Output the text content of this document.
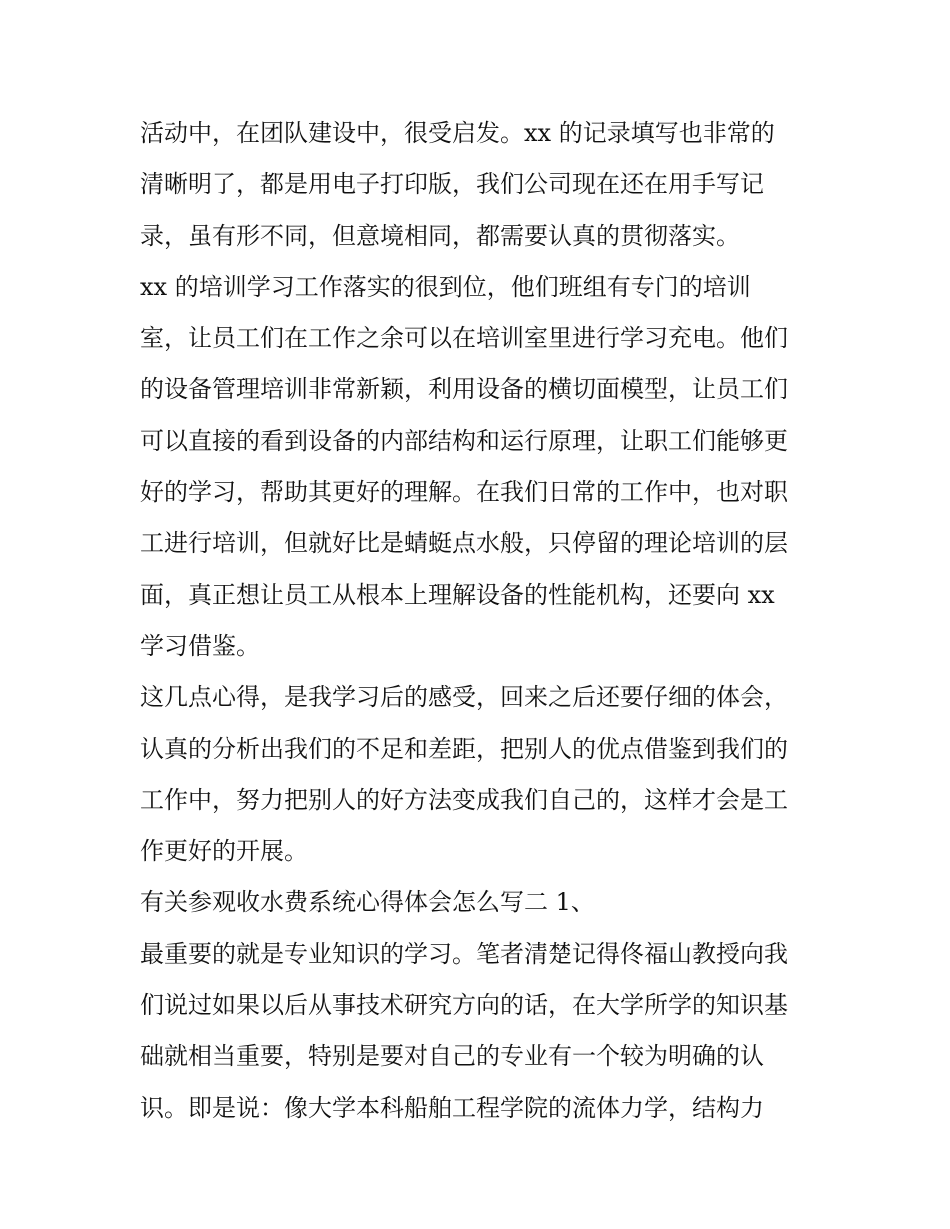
活动中，在团队建设中，很受启发。xx 的记录填写也非常的
清晰明了，都是用电子打印版，我们公司现在还在用手写记
录，虽有形不同，但意境相同，都需要认真的贯彻落实。
xx 的培训学习工作落实的很到位，他们班组有专门的培训
室，让员工们在工作之余可以在培训室里进行学习充电。他们
的设备管理培训非常新颖，利用设备的横切面模型，让员工们
可以直接的看到设备的内部结构和运行原理，让职工们能够更
好的学习，帮助其更好的理解。在我们日常的工作中，也对职
工进行培训，但就好比是蜻蜓点水般，只停留的理论培训的层
面，真正想让员工从根本上理解设备的性能机构，还要向 xx
学习借鉴。
这几点心得，是我学习后的感受，回来之后还要仔细的体会，
认真的分析出我们的不足和差距，把别人的优点借鉴到我们的
工作中，努力把别人的好方法变成我们自己的，这样才会是工
作更好的开展。
有关参观收水费系统心得体会怎么写二 1、
最重要的就是专业知识的学习。笔者清楚记得佟福山教授向我
们说过如果以后从事技术研究方向的话，在大学所学的知识基
础就相当重要，特别是要对自己的专业有一个较为明确的认
识。即是说：像大学本科船舶工程学院的流体力学，结构力
